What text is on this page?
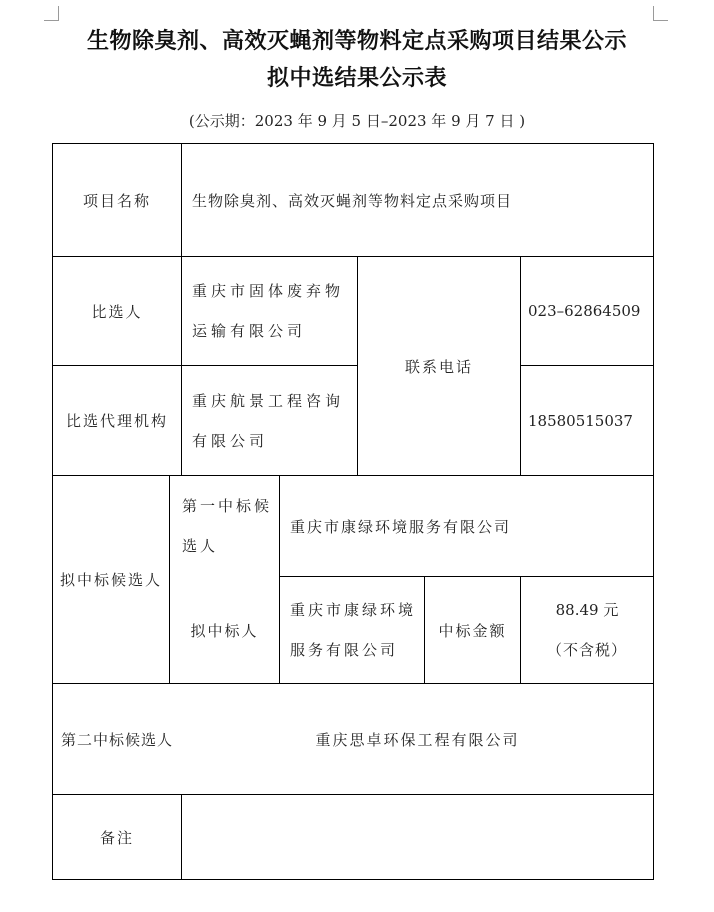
生物除臭剂、高效灭蝇剂等物料定点采购项目结果公示
拟中选结果公示表
(公示期：2023 年 9 月 5 日–2023 年 9 月 7 日 )
项目名称	生物除臭剂、高效灭蝇剂等物料定点采购项目
比选人
重庆市固体废弃物运输有限公司
联系电话
023–62864509
比选代理机构
重庆航景工程咨询有限公司
18580515037
拟中标候选人
第一中标候选人
重庆市康绿环境服务有限公司
拟中标人
重庆市康绿环境服务有限公司
中标金额
88.49 元
（不含税）
第二中标候选人	重庆思卓环保工程有限公司
备注
